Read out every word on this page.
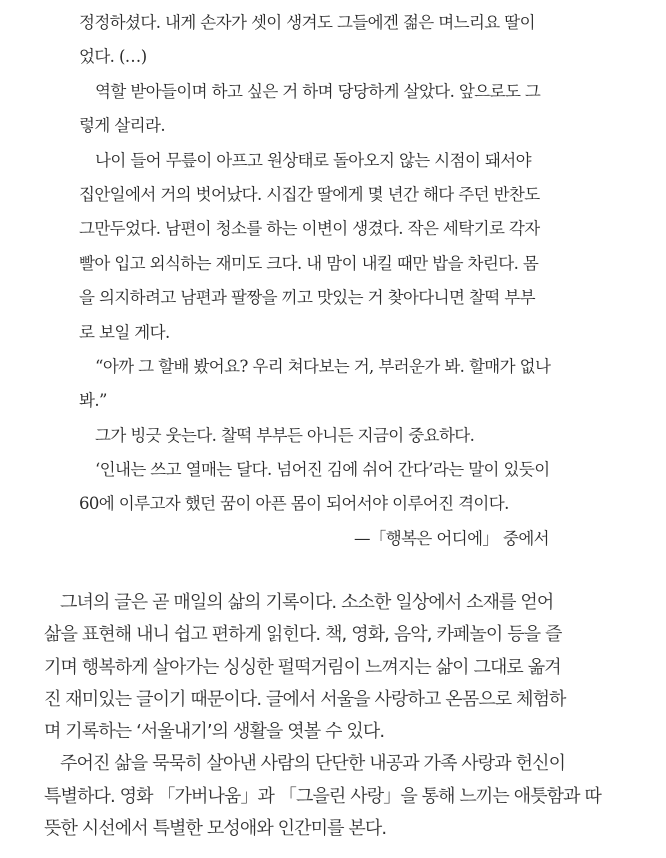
정정하셨다. 내게 손자가 셋이 생겨도 그들에겐 젊은 며느리요 딸이
었다. (…)
역할 받아들이며 하고 싶은 거 하며 당당하게 살았다. 앞으로도 그
렇게 살리라.
나이 들어 무릎이 아프고 원상태로 돌아오지 않는 시점이 돼서야
집안일에서 거의 벗어났다. 시집간 딸에게 몇 년간 해다 주던 반찬도
그만두었다. 남편이 청소를 하는 이변이 생겼다. 작은 세탁기로 각자
빨아 입고 외식하는 재미도 크다. 내 맘이 내킬 때만 밥을 차린다. 몸
을 의지하려고 남편과 팔짱을 끼고 맛있는 거 찾아다니면 찰떡 부부
로 보일 게다.
“아까 그 할배 봤어요? 우리 쳐다보는 거, 부러운가 봐. 할매가 없나
봐.”
그가 빙긋 웃는다. 찰떡 부부든 아니든 지금이 중요하다.
‘인내는 쓰고 열매는 달다. 넘어진 김에 쉬어 간다’라는 말이 있듯이
60에 이루고자 했던 꿈이 아픈 몸이 되어서야 이루어진 격이다.
—「행복은 어디에」 중에서
그녀의 글은 곧 매일의 삶의 기록이다. 소소한 일상에서 소재를 얻어
삶을 표현해 내니 쉽고 편하게 읽힌다. 책, 영화, 음악, 카페놀이 등을 즐
기며 행복하게 살아가는 싱싱한 펄떡거림이 느껴지는 삶이 그대로 옮겨
진 재미있는 글이기 때문이다. 글에서 서울을 사랑하고 온몸으로 체험하
며 기록하는 ‘서울내기’의 생활을 엿볼 수 있다.
주어진 삶을 묵묵히 살아낸 사람의 단단한 내공과 가족 사랑과 헌신이
특별하다. 영화 「가버나움」과 「그을린 사랑」을 통해 느끼는 애틋함과 따
뜻한 시선에서 특별한 모성애와 인간미를 본다.
